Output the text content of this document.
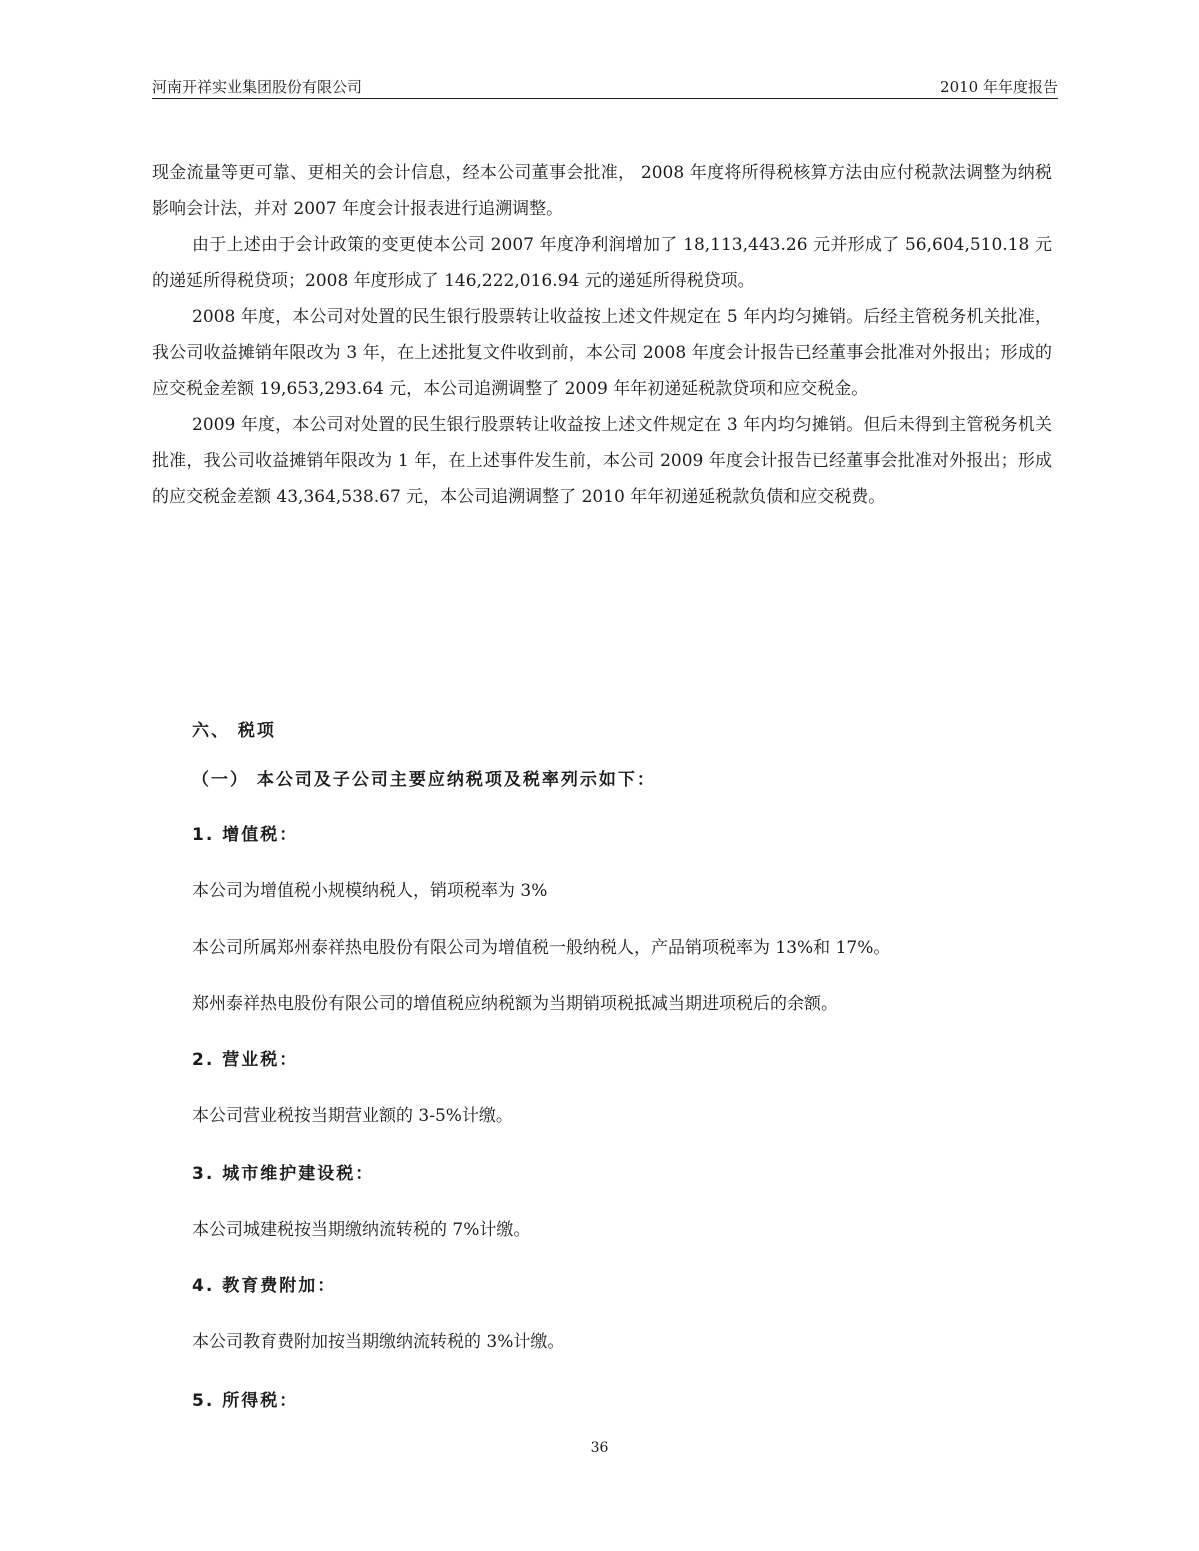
河南开祥实业集团股份有限公司	2010 年年度报告

现金流量等更可靠、更相关的会计信息，经本公司董事会批准， 2008 年度将所得税核算方法由应付税款法调整为纳税影响会计法，并对 2007 年度会计报表进行追溯调整。

由于上述由于会计政策的变更使本公司 2007 年度净利润增加了 18,113,443.26 元并形成了 56,604,510.18 元的递延所得税贷项；2008 年度形成了 146,222,016.94 元的递延所得税贷项。

2008 年度，本公司对处置的民生银行股票转让收益按上述文件规定在 5 年内均匀摊销。后经主管税务机关批准，我公司收益摊销年限改为 3 年，在上述批复文件收到前，本公司 2008 年度会计报告已经董事会批准对外报出；形成的应交税金差额 19,653,293.64 元，本公司追溯调整了 2009 年年初递延税款贷项和应交税金。

2009 年度，本公司对处置的民生银行股票转让收益按上述文件规定在 3 年内均匀摊销。但后未得到主管税务机关批准，我公司收益摊销年限改为 1 年，在上述事件发生前，本公司 2009 年度会计报告已经董事会批准对外报出；形成的应交税金差额 43,364,538.67 元，本公司追溯调整了 2010 年年初递延税款负债和应交税费。

六、 税项
（一） 本公司及子公司主要应纳税项及税率列示如下：
1. 增值税：
本公司为增值税小规模纳税人，销项税率为 3%
本公司所属郑州泰祥热电股份有限公司为增值税一般纳税人，产品销项税率为 13%和 17%。
郑州泰祥热电股份有限公司的增值税应纳税额为当期销项税抵减当期进项税后的余额。
2. 营业税：
本公司营业税按当期营业额的 3-5%计缴。
3. 城市维护建设税：
本公司城建税按当期缴纳流转税的 7%计缴。
4. 教育费附加：
本公司教育费附加按当期缴纳流转税的 3%计缴。
5. 所得税：
36
